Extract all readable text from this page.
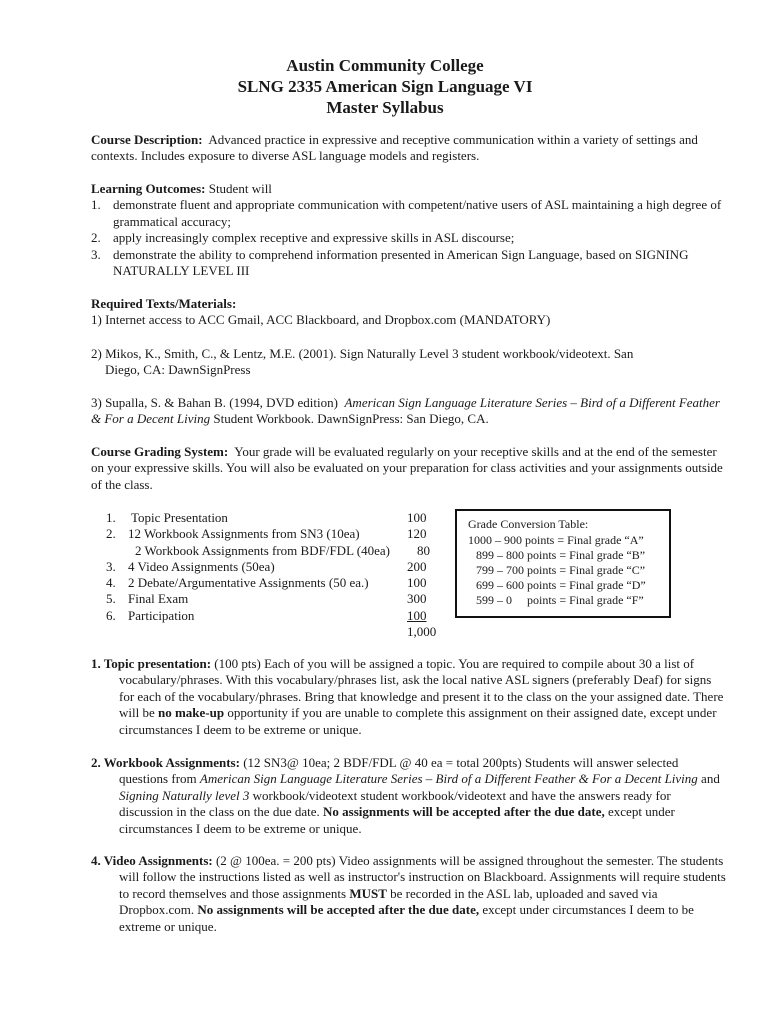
Austin Community College
SLNG 2335 American Sign Language VI
Master Syllabus
Course Description: Advanced practice in expressive and receptive communication within a variety of settings and contexts. Includes exposure to diverse ASL language models and registers.
Learning Outcomes: Student will
1. demonstrate fluent and appropriate communication with competent/native users of ASL maintaining a high degree of grammatical accuracy;
2. apply increasingly complex receptive and expressive skills in ASL discourse;
3. demonstrate the ability to comprehend information presented in American Sign Language, based on SIGNING NATURALLY LEVEL III
Required Texts/Materials:
1) Internet access to ACC Gmail, ACC Blackboard, and Dropbox.com (MANDATORY)
2) Mikos, K., Smith, C., & Lentz, M.E. (2001). Sign Naturally Level 3 student workbook/videotext. San
Diego, CA: DawnSignPress
3) Supalla, S. & Bahan B. (1994, DVD edition) American Sign Language Literature Series – Bird of a Different Feather & For a Decent Living Student Workbook. DawnSignPress: San Diego, CA.
Course Grading System: Your grade will be evaluated regularly on your receptive skills and at the end of the semester on your expressive skills. You will also be evaluated on your preparation for class activities and your assignments outside of the class.
1. Topic Presentation	100
2. 12 Workbook Assignments from SN3 (10ea)	120
2 Workbook Assignments from BDF/FDL (40ea) 80
3. 4 Video Assignments (50ea)	200
4. 2 Debate/Argumentative Assignments (50 ea.)	100
5. Final Exam	300
6. Participation	100
1,000
Grade Conversion Table:
1000 – 900 points = Final grade “A”
899 – 800 points = Final grade “B”
799 – 700 points = Final grade “C”
699 – 600 points = Final grade “D”
599 – 0     points = Final grade “F”
1. Topic presentation: (100 pts) Each of you will be assigned a topic. You are required to compile about 30 a list of vocabulary/phrases. With this vocabulary/phrases list, ask the local native ASL signers (preferably Deaf) for signs for each of the vocabulary/phrases. Bring that knowledge and present it to the class on the your assigned date. There will be no make-up opportunity if you are unable to complete this assignment on their assigned date, except under circumstances I deem to be extreme or unique.
2. Workbook Assignments: (12 SN3@ 10ea; 2 BDF/FDL @ 40 ea = total 200pts) Students will answer selected questions from American Sign Language Literature Series – Bird of a Different Feather & For a Decent Living and Signing Naturally level 3 workbook/videotext student workbook/videotext and have the answers ready for discussion in the class on the due date. No assignments will be accepted after the due date, except under circumstances I deem to be extreme or unique.
4. Video Assignments: (2 @ 100ea. = 200 pts) Video assignments will be assigned throughout the semester. The students will follow the instructions listed as well as instructor's instruction on Blackboard. Assignments will require students to record themselves and those assignments MUST be recorded in the ASL lab, uploaded and saved via Dropbox.com. No assignments will be accepted after the due date, except under circumstances I deem to be extreme or unique.
